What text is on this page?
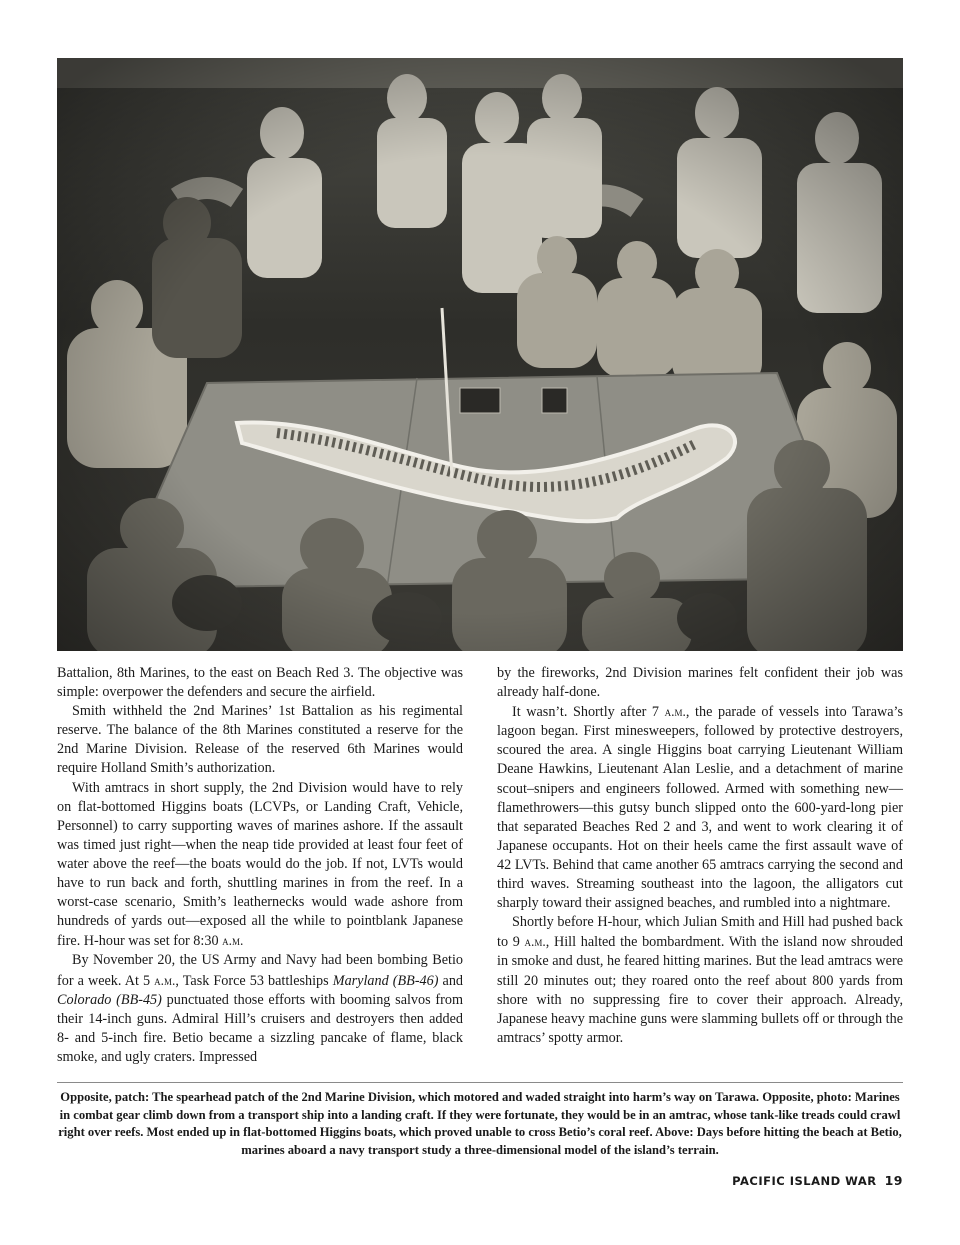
Battalion, 8th Marines, to the east on Beach Red 3. The objective was simple: overpower the defenders and secure the airfield.

Smith withheld the 2nd Marines’ 1st Battalion as his regimental reserve. The balance of the 8th Marines constituted a reserve for the 2nd Marine Division. Release of the reserved 6th Marines would require Holland Smith’s authorization.

With amtracs in short supply, the 2nd Division would have to rely on flat-bottomed Higgins boats (LCVPs, or Landing Craft, Vehicle, Personnel) to carry supporting waves of marines ashore. If the assault was timed just right—when the neap tide provided at least four feet of water above the reef—the boats would do the job. If not, LVTs would have to run back and forth, shuttling marines in from the reef. In a worst-case scenario, Smith’s leathernecks would wade ashore from hundreds of yards out—exposed all the while to pointblank Japanese fire. H-hour was set for 8:30 a.m.

By November 20, the US Army and Navy had been bombing Betio for a week. At 5 a.m., Task Force 53 battleships Maryland (BB-46) and Colorado (BB-45) punctuated those efforts with booming salvos from their 14-inch guns. Admiral Hill’s cruisers and destroyers then added 8- and 5-inch fire. Betio became a sizzling pancake of flame, black smoke, and ugly craters. Impressed

by the fireworks, 2nd Division marines felt confident their job was already half-done.

It wasn’t. Shortly after 7 a.m., the parade of vessels into Tarawa’s lagoon began. First minesweepers, followed by protective destroyers, scoured the area. A single Higgins boat carrying Lieutenant William Deane Hawkins, Lieutenant Alan Leslie, and a detachment of marine scout–snipers and engineers followed. Armed with something new—flamethrowers—this gutsy bunch slipped onto the 600-yard-long pier that separated Beaches Red 2 and 3, and went to work clearing it of Japanese occupants. Hot on their heels came the first assault wave of 42 LVTs. Behind that came another 65 amtracs carrying the second and third waves. Streaming southeast into the lagoon, the alligators cut sharply toward their assigned beaches, and rumbled into a nightmare.

Shortly before H-hour, which Julian Smith and Hill had pushed back to 9 a.m., Hill halted the bombardment. With the island now shrouded in smoke and dust, he feared hitting marines. But the lead amtracs were still 20 minutes out; they roared onto the reef about 800 yards from shore with no suppressing fire to cover their approach. Already, Japanese heavy machine guns were slamming bullets off or through the amtracs’ spotty armor.

Opposite, patch: The spearhead patch of the 2nd Marine Division, which motored and waded straight into harm’s way on Tarawa. Opposite, photo: Marines in combat gear climb down from a transport ship into a landing craft. If they were fortunate, they would be in an amtrac, whose tank-like treads could crawl right over reefs. Most ended up in flat-bottomed Higgins boats, which proved unable to cross Betio’s coral reef. Above: Days before hitting the beach at Betio, marines aboard a navy transport study a three-dimensional model of the island’s terrain.
PACIFIC ISLAND WAR 19
